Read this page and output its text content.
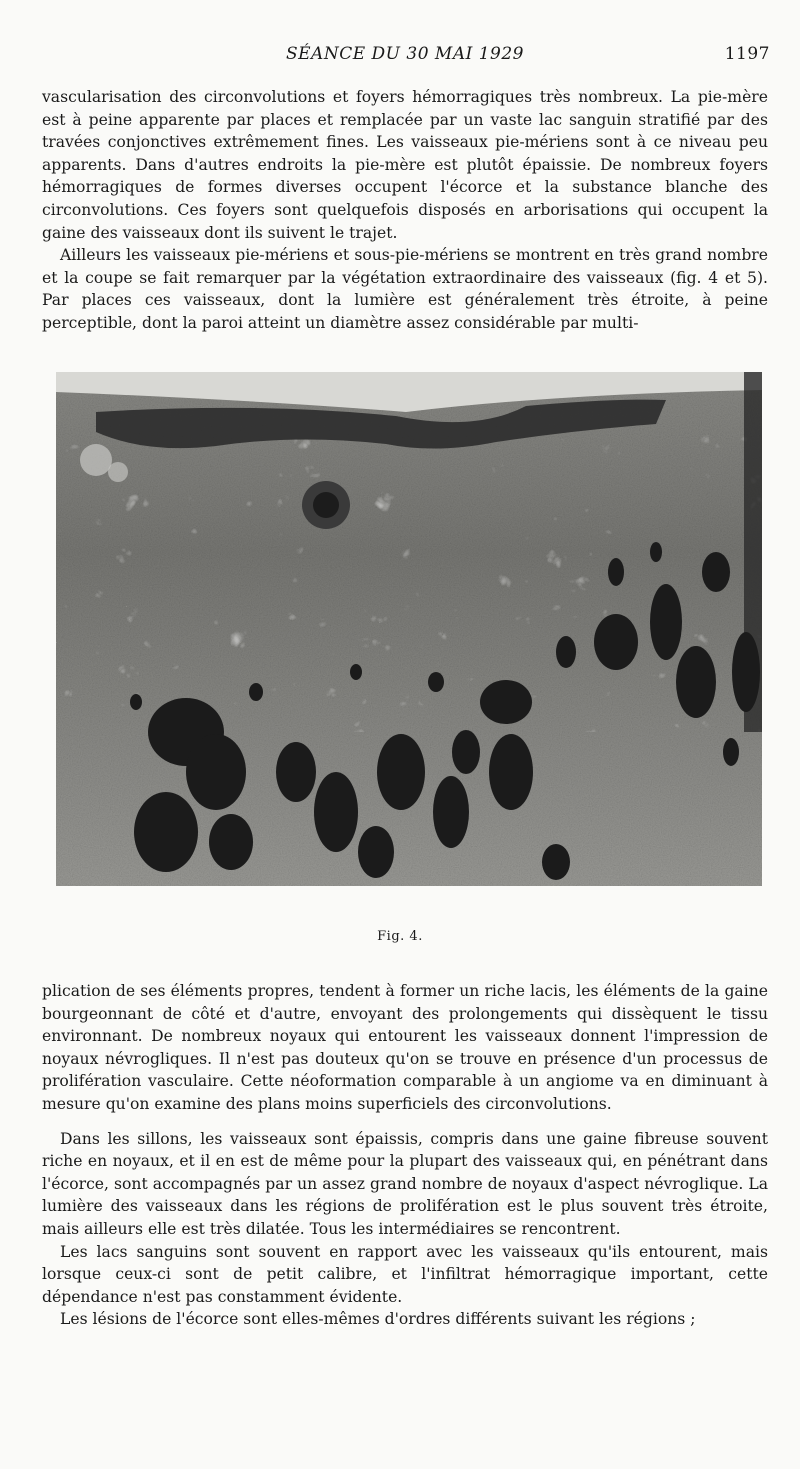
SÉANCE DU 30 MAI 1929	1197

vascularisation des circonvolutions et foyers hémorragiques très nombreux. La pie-mère est à peine apparente par places et remplacée par un vaste lac sanguin stratifié par des travées conjonctives extrêmement fines. Les vaisseaux pie-mériens sont à ce niveau peu apparents. Dans d'autres endroits la pie-mère est plutôt épaissie. De nombreux foyers hémorragiques de formes diverses occupent l'écorce et la substance blanche des circonvolutions. Ces foyers sont quelquefois disposés en arborisations qui occupent la gaine des vaisseaux dont ils suivent le trajet.

Ailleurs les vaisseaux pie-mériens et sous-pie-mériens se montrent en très grand nombre et la coupe se fait remarquer par la végétation extraordinaire des vaisseaux (fig. 4 et 5). Par places ces vaisseaux, dont la lumière est généralement très étroite, à peine perceptible, dont la paroi atteint un diamètre assez considérable par multi-

Fig. 4.

plication de ses éléments propres, tendent à former un riche lacis, les éléments de la gaine bourgeonnant de côté et d'autre, envoyant des prolongements qui dissèquent le tissu environnant. De nombreux noyaux qui entourent les vaisseaux donnent l'impression de noyaux névrogliques. Il n'est pas douteux qu'on se trouve en présence d'un processus de prolifération vasculaire. Cette néoformation comparable à un angiome va en diminuant à mesure qu'on examine des plans moins superficiels des circonvolutions.

Dans les sillons, les vaisseaux sont épaissis, compris dans une gaine fibreuse souvent riche en noyaux, et il en est de même pour la plupart des vaisseaux qui, en pénétrant dans l'écorce, sont accompagnés par un assez grand nombre de noyaux d'aspect névroglique. La lumière des vaisseaux dans les régions de prolifération est le plus souvent très étroite, mais ailleurs elle est très dilatée. Tous les intermédiaires se rencontrent.

Les lacs sanguins sont souvent en rapport avec les vaisseaux qu'ils entourent, mais lorsque ceux-ci sont de petit calibre, et l'infiltrat hémorragique important, cette dépendance n'est pas constamment évidente.

Les lésions de l'écorce sont elles-mêmes d'ordres différents suivant les régions ;
